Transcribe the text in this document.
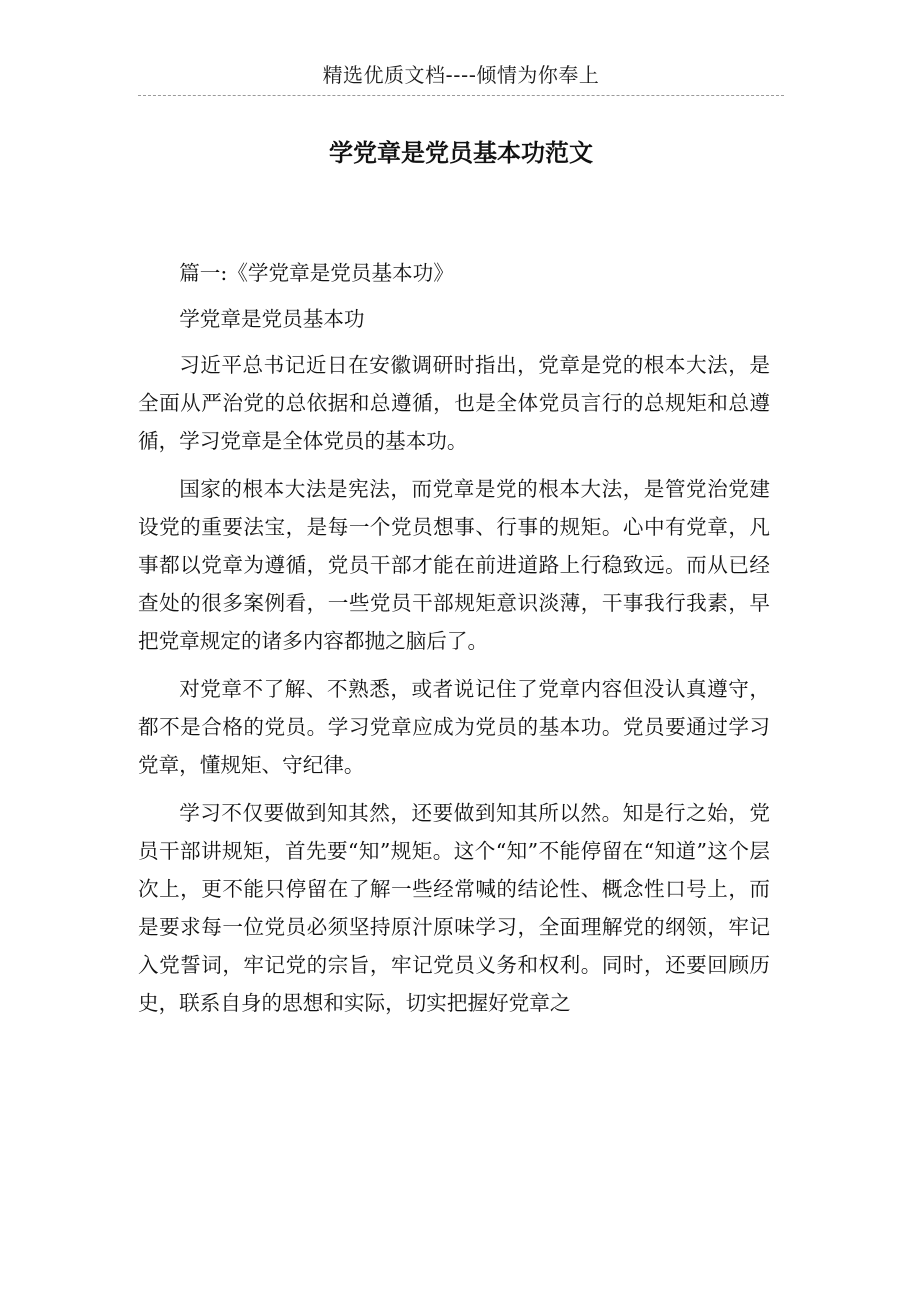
精选优质文档----倾情为你奉上
学党章是党员基本功范文

篇一:《学党章是党员基本功》

学党章是党员基本功

习近平总书记近日在安徽调研时指出，党章是党的根本大法，是全面从严治党的总依据和总遵循，也是全体党员言行的总规矩和总遵循，学习党章是全体党员的基本功。

国家的根本大法是宪法，而党章是党的根本大法，是管党治党建设党的重要法宝，是每一个党员想事、行事的规矩。心中有党章，凡事都以党章为遵循，党员干部才能在前进道路上行稳致远。而从已经查处的很多案例看，一些党员干部规矩意识淡薄，干事我行我素，早把党章规定的诸多内容都抛之脑后了。

对党章不了解、不熟悉，或者说记住了党章内容但没认真遵守，都不是合格的党员。学习党章应成为党员的基本功。党员要通过学习党章，懂规矩、守纪律。

学习不仅要做到知其然，还要做到知其所以然。知是行之始，党员干部讲规矩，首先要“知”规矩。这个“知”不能停留在“知道”这个层次上，更不能只停留在了解一些经常喊的结论性、概念性口号上，而是要求每一位党员必须坚持原汁原味学习，全面理解党的纲领，牢记入党誓词，牢记党的宗旨，牢记党员义务和权利。同时，还要回顾历史，联系自身的思想和实际，切实把握好党章之
